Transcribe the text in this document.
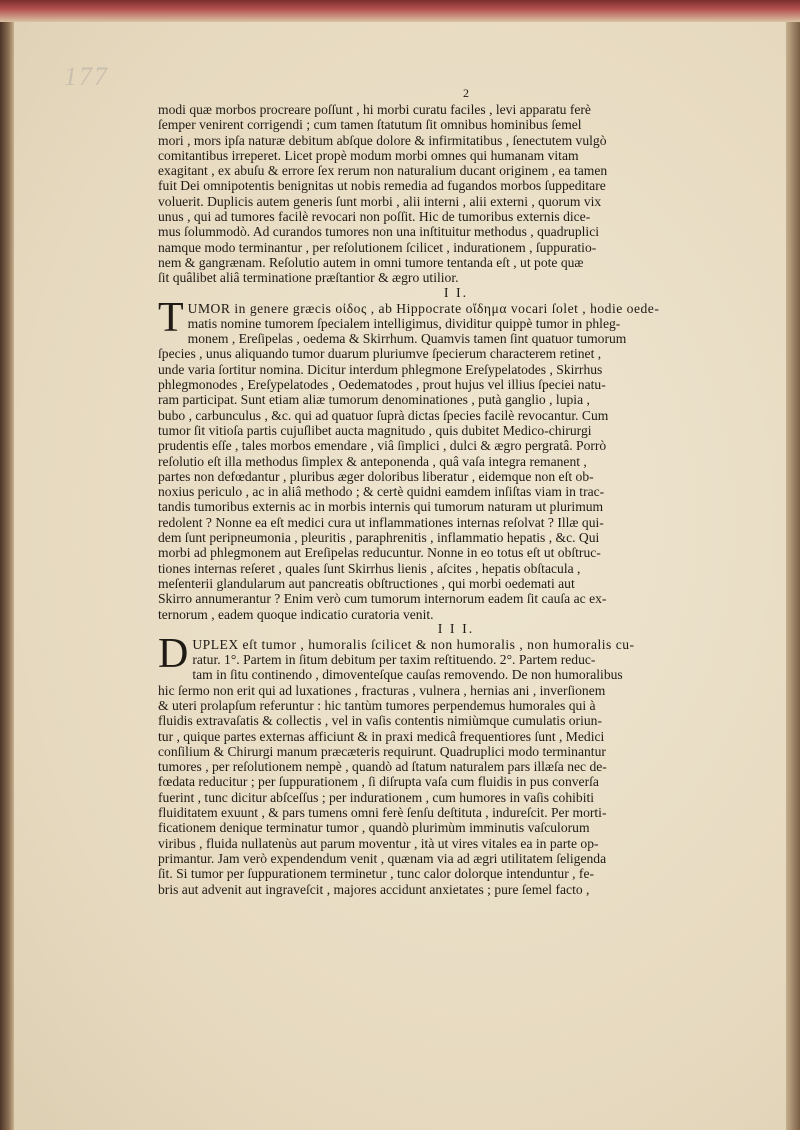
177
2
modi quæ morbos procreare poſſunt , hi morbi curatu faciles , levi apparatu ferè
ſemper venirent corrigendi ; cum tamen ſtatutum ſit omnibus hominibus ſemel
mori , mors ipſa naturæ debitum abſque dolore & infirmitatibus , ſenectutem vulgò
comitantibus irreperet. Licet propè modum morbi omnes qui humanam vitam
exagitant , ex abuſu & errore ſex rerum non naturalium ducant originem , ea tamen
fuit Dei omnipotentis benignitas ut nobis remedia ad fugandos morbos ſuppeditare
voluerit. Duplicis autem generis ſunt morbi , alii interni , alii externi , quorum vix
unus , qui ad tumores facilè revocari non poſſit. Hic de tumoribus externis dice-
mus ſolummodò. Ad curandos tumores non una inſtituitur methodus , quadruplici
namque modo terminantur , per reſolutionem ſcilicet , indurationem , ſuppuratio-
nem & gangrænam. Reſolutio autem in omni tumore tentanda eſt , ut pote quæ
ſit quâlibet aliâ terminatione præſtantior & ægro utilior.
I I.
T UMOR in genere græcis οἰδος , ab Hippocrate οἴδημα vocari ſolet , hodie oede-
matis nomine tumorem ſpecialem intelligimus, dividitur quippè tumor in phleg-
monem , Ereſipelas , oedema & Skirrhum. Quamvis tamen ſint quatuor tumorum
ſpecies , unus aliquando tumor duarum pluriumve ſpecierum characterem retinet ,
unde varia ſortitur nomina. Dicitur interdum phlegmone Ereſypelatodes , Skirrhus
phlegmonodes , Ereſypelatodes , Oedematodes , prout hujus vel illius ſpeciei natu-
ram participat. Sunt etiam aliæ tumorum denominationes , putà ganglio , lupia ,
bubo , carbunculus , &c. qui ad quatuor ſuprà dictas ſpecies facilè revocantur. Cum
tumor ſit vitioſa partis cujuſlibet aucta magnitudo , quis dubitet Medico-chirurgi
prudentis eſſe , tales morbos emendare , viâ ſimplici , dulci & ægro pergratâ. Porrò
reſolutio eſt illa methodus ſimplex & anteponenda , quâ vaſa integra remanent ,
partes non defœdantur , pluribus æger doloribus liberatur , eidemque non eſt ob-
noxius periculo , ac in aliâ methodo ; & certè quidni eamdem inſiſtas viam in trac-
tandis tumoribus externis ac in morbis internis qui tumorum naturam ut plurimum
redolent ? Nonne ea eſt medici cura ut inflammationes internas reſolvat ? Illæ qui-
dem ſunt peripneumonia , pleuritis , paraphrenitis , inflammatio hepatis , &c. Qui
morbi ad phlegmonem aut Ereſipelas reducuntur. Nonne in eo totus eſt ut obſtruc-
tiones internas reſeret , quales ſunt Skirrhus lienis , aſcites , hepatis obſtacula ,
meſenterii glandularum aut pancreatis obſtructiones , qui morbi oedemati aut
Skirro annumerantur ? Enim verò cum tumorum internorum eadem ſit cauſa ac ex-
ternorum , eadem quoque indicatio curatoria venit.
I I I.
D UPLEX eſt tumor , humoralis ſcilicet & non humoralis , non humoralis cu-
ratur. 1°. Partem in ſitum debitum per taxim reſtituendo. 2°. Partem reduc-
tam in ſitu continendo , dimoventeſque cauſas removendo. De non humoralibus
hic ſermo non erit qui ad luxationes , fracturas , vulnera , hernias ani , inverſionem
& uteri prolapſum referuntur : hic tantùm tumores perpendemus humorales qui à
fluidis extravaſatis & collectis , vel in vaſis contentis nimiùmque cumulatis oriun-
tur , quique partes externas afficiunt & in praxi medicâ frequentiores ſunt , Medici
conſilium & Chirurgi manum præcæteris requirunt. Quadruplici modo terminantur
tumores , per reſolutionem nempè , quandò ad ſtatum naturalem pars illæſa nec de-
fœdata reducitur ; per ſuppurationem , ſi diſrupta vaſa cum fluidis in pus converſa
fuerint , tunc dicitur abſceſſus ; per indurationem , cum humores in vaſis cohibiti
fluiditatem exuunt , & pars tumens omni ferè ſenſu deſtituta , indureſcit. Per morti-
ficationem denique terminatur tumor , quandò plurimùm imminutis vaſculorum
viribus , fluida nullatenùs aut parum moventur , ità ut vires vitales ea in parte op-
primantur. Jam verò expendendum venit , quænam via ad ægri utilitatem ſeligenda
ſit. Si tumor per ſuppurationem terminetur , tunc calor dolorque intenduntur , fe-
bris aut advenit aut ingraveſcit , majores accidunt anxietates ; pure ſemel facto ,
